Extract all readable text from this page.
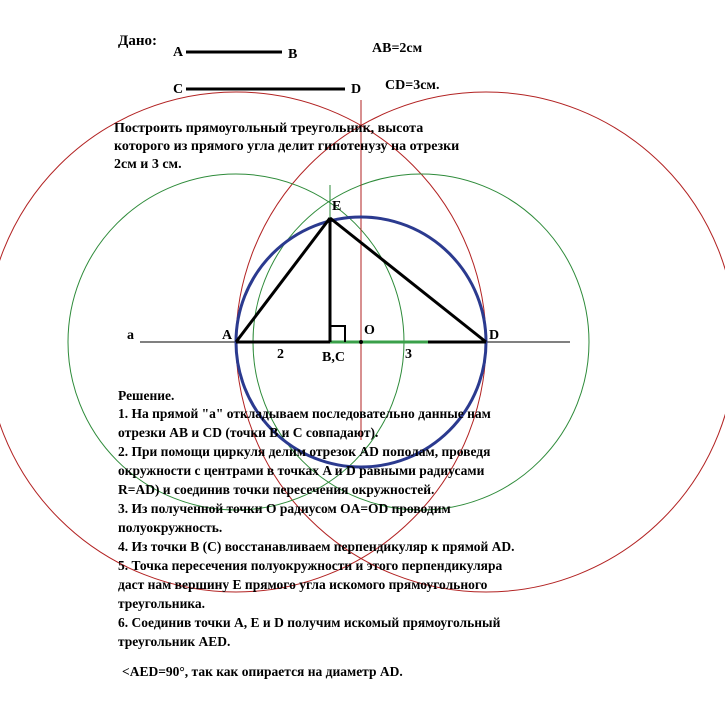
Дано:
A	B	AB=2см
C	D CD=3см.
Построить прямоугольный треугольник, высота
которого из прямого угла делит гипотенузу на отрезки
2см и 3 см.
a	A
E
O	D
B,C
2	3
Решение.
1. На прямой "a" откладываем последовательно данные нам
отрезки AB и CD (точки B и C совпадают).
2. При помощи циркуля делим отрезок AD пополам, проведя
окружности с центрами в точках A и D равными радиусами
R=AD) и соединив точки пересечения окружностей.
3. Из полученной точки O радиусом OA=OD проводим
полуокружность.
4. Из точки B (C) восстанавливаем перпендикуляр к прямой AD.
5. Точка пересечения полуокружности и этого перпендикуляра
даст нам вершину E прямого угла искомого прямоугольного
треугольника.
6. Соединив точки A, E и D получим искомый прямоугольный
треугольник AED.
<AED=90°, так как опирается на диаметр AD.
